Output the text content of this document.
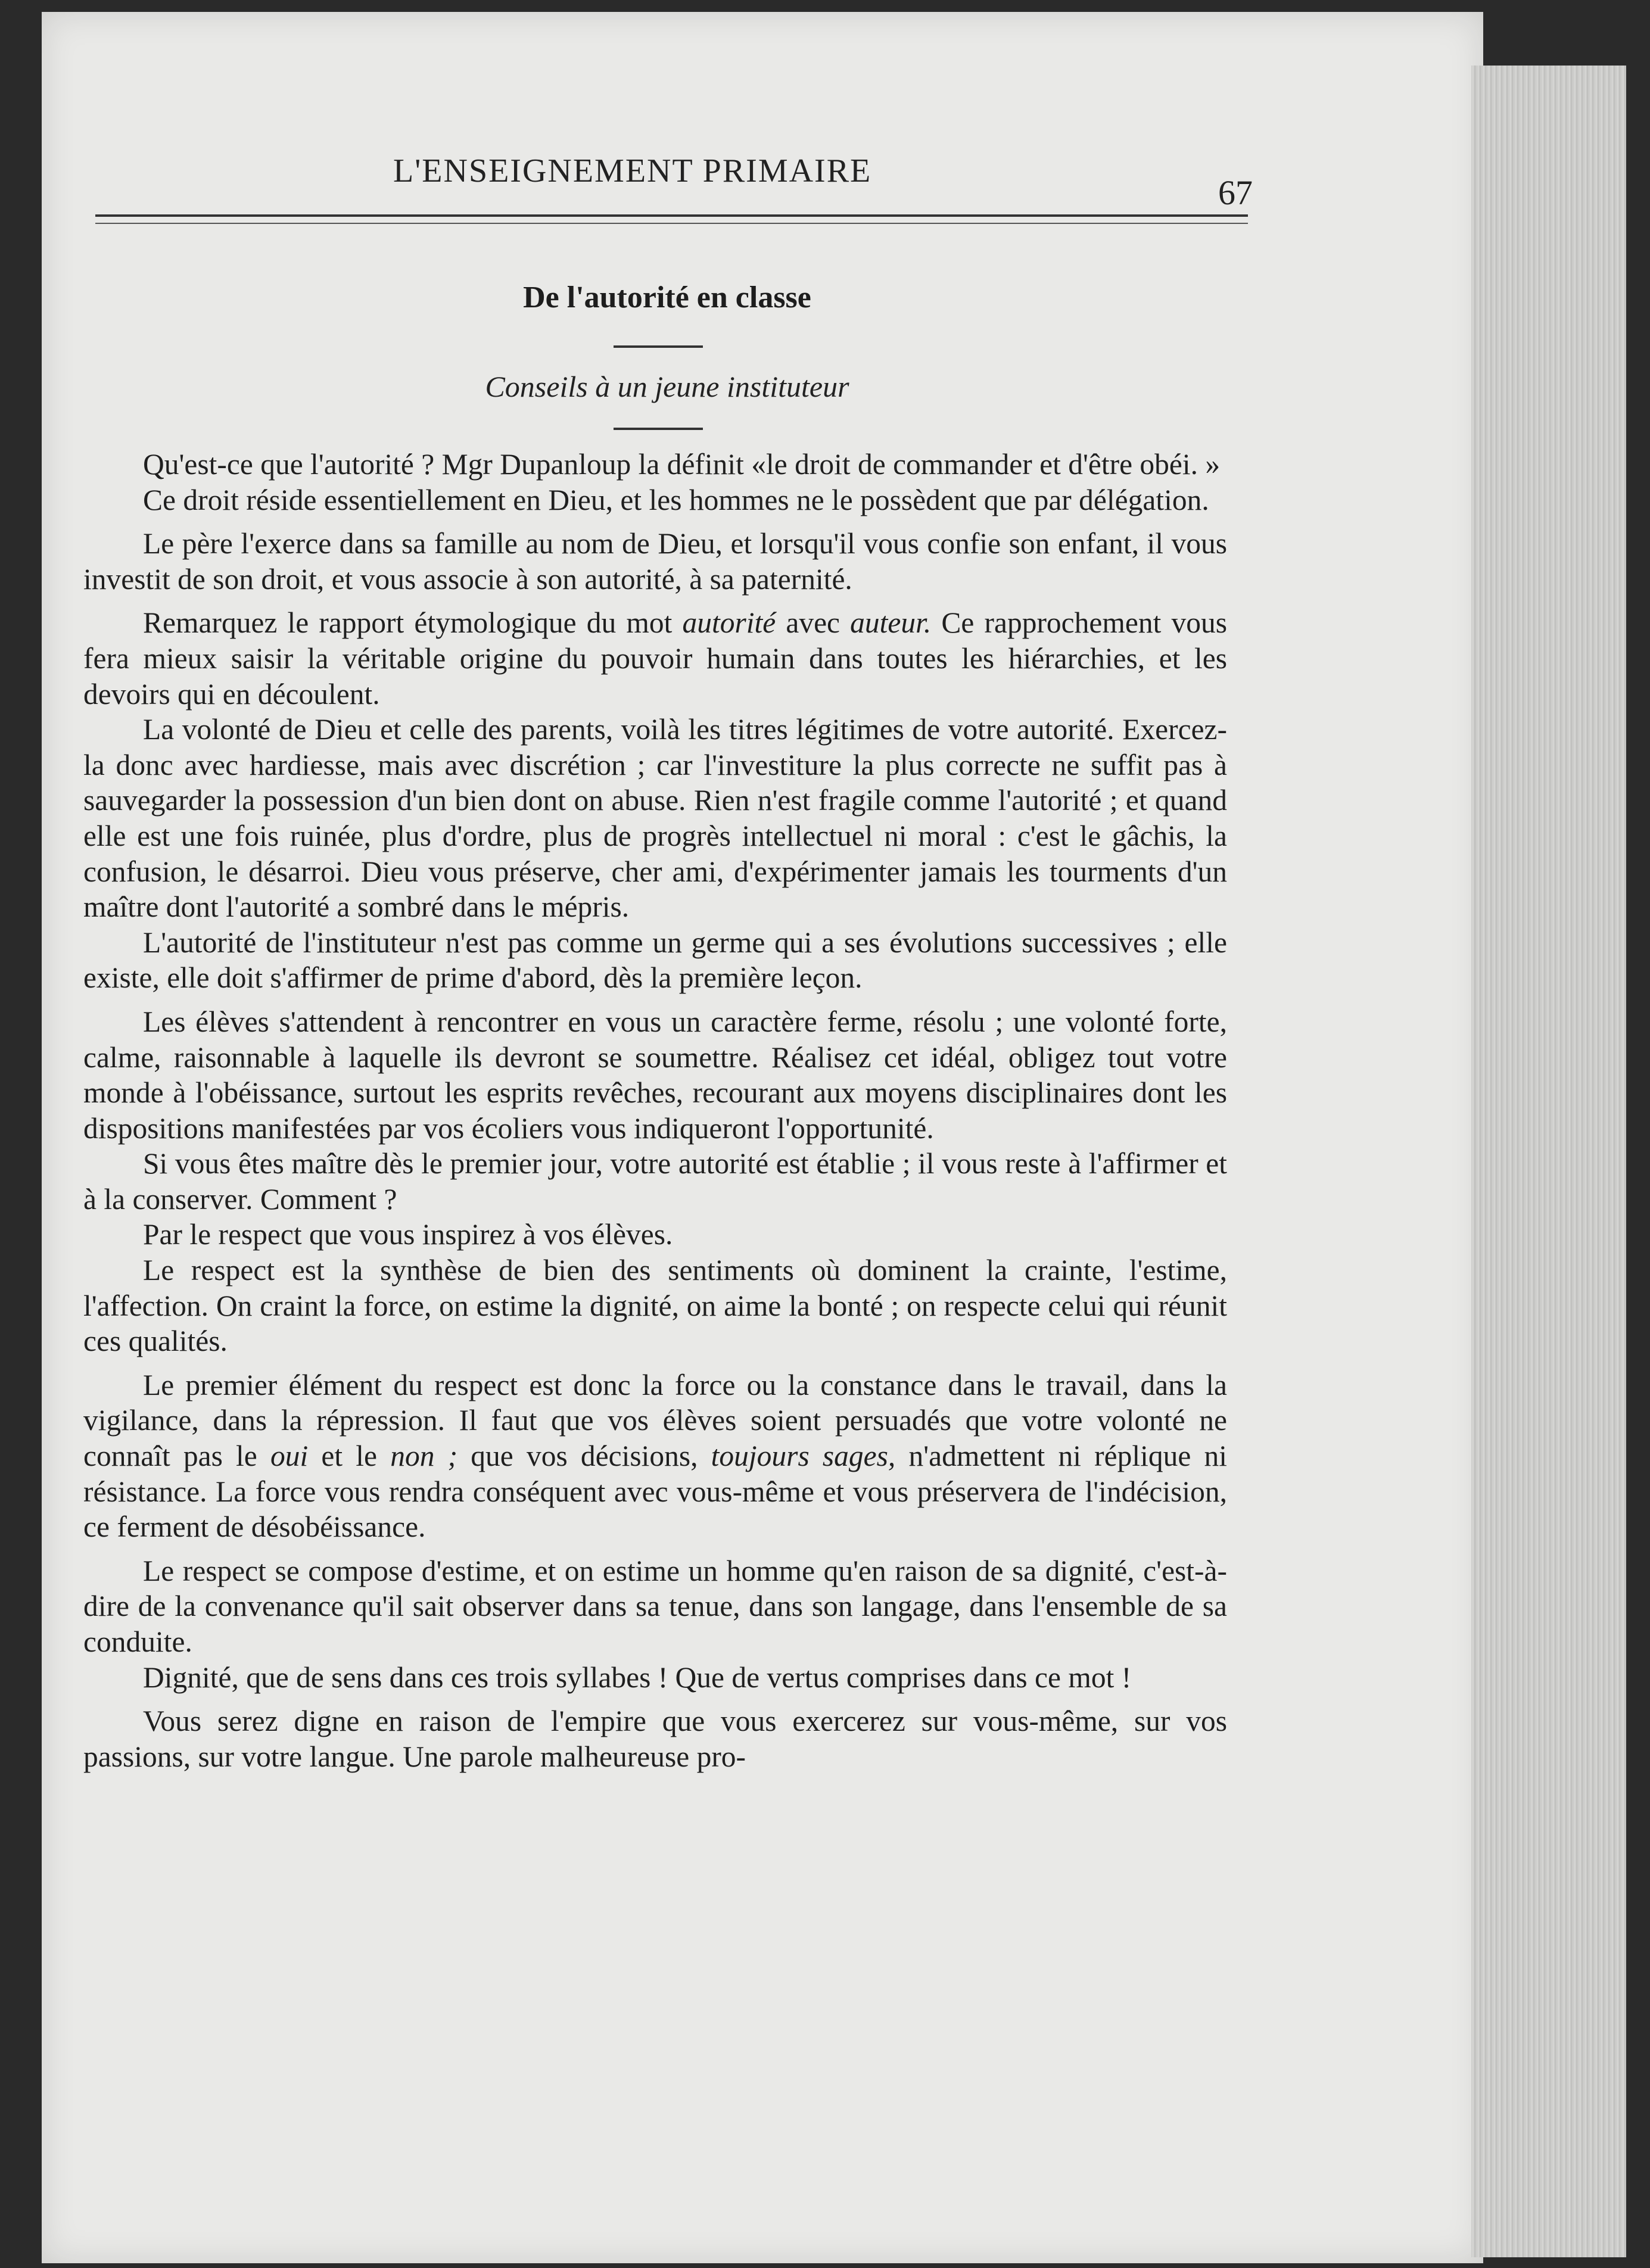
L'ENSEIGNEMENT PRIMAIRE
67
De l'autorité en classe
Conseils à un jeune instituteur

Qu'est-ce que l'autorité ? Mgr Dupanloup la définit «le droit de commander et d'être obéi. »

Ce droit réside essentiellement en Dieu, et les hommes ne le possèdent que par délégation.

Le père l'exerce dans sa famille au nom de Dieu, et lorsqu'il vous confie son enfant, il vous investit de son droit, et vous associe à son autorité, à sa paternité.

Remarquez le rapport étymologique du mot autorité avec auteur. Ce rapprochement vous fera mieux saisir la véritable origine du pouvoir humain dans toutes les hiérarchies, et les devoirs qui en découlent.

La volonté de Dieu et celle des parents, voilà les titres légitimes de votre autorité. Exercez-la donc avec hardiesse, mais avec discrétion ; car l'investiture la plus correcte ne suffit pas à sauvegarder la possession d'un bien dont on abuse. Rien n'est fragile comme l'autorité ; et quand elle est une fois ruinée, plus d'ordre, plus de progrès intellectuel ni moral : c'est le gâchis, la confusion, le désarroi. Dieu vous préserve, cher ami, d'expérimenter jamais les tourments d'un maître dont l'autorité a sombré dans le mépris.

L'autorité de l'instituteur n'est pas comme un germe qui a ses évolutions successives ; elle existe, elle doit s'affirmer de prime d'abord, dès la première leçon.

Les élèves s'attendent à rencontrer en vous un caractère ferme, résolu ; une volonté forte, calme, raisonnable à laquelle ils devront se soumettre. Réalisez cet idéal, obligez tout votre monde à l'obéissance, surtout les esprits revêches, recourant aux moyens disciplinaires dont les dispositions manifestées par vos écoliers vous indiqueront l'opportunité.

Si vous êtes maître dès le premier jour, votre autorité est établie ; il vous reste à l'affirmer et à la conserver. Comment ?

Par le respect que vous inspirez à vos élèves.

Le respect est la synthèse de bien des sentiments où dominent la crainte, l'estime, l'affection. On craint la force, on estime la dignité, on aime la bonté ; on respecte celui qui réunit ces qualités.

Le premier élément du respect est donc la force ou la constance dans le travail, dans la vigilance, dans la répression. Il faut que vos élèves soient persuadés que votre volonté ne connaît pas le oui et le non ; que vos décisions, toujours sages, n'admettent ni réplique ni résistance. La force vous rendra conséquent avec vous-même et vous préservera de l'indécision, ce ferment de désobéissance.

Le respect se compose d'estime, et on estime un homme qu'en raison de sa dignité, c'est-à-dire de la convenance qu'il sait observer dans sa tenue, dans son langage, dans l'ensemble de sa conduite.

Dignité, que de sens dans ces trois syllabes ! Que de vertus comprises dans ce mot !

Vous serez digne en raison de l'empire que vous exercerez sur vous-même, sur vos passions, sur votre langue. Une parole malheureuse pro-
